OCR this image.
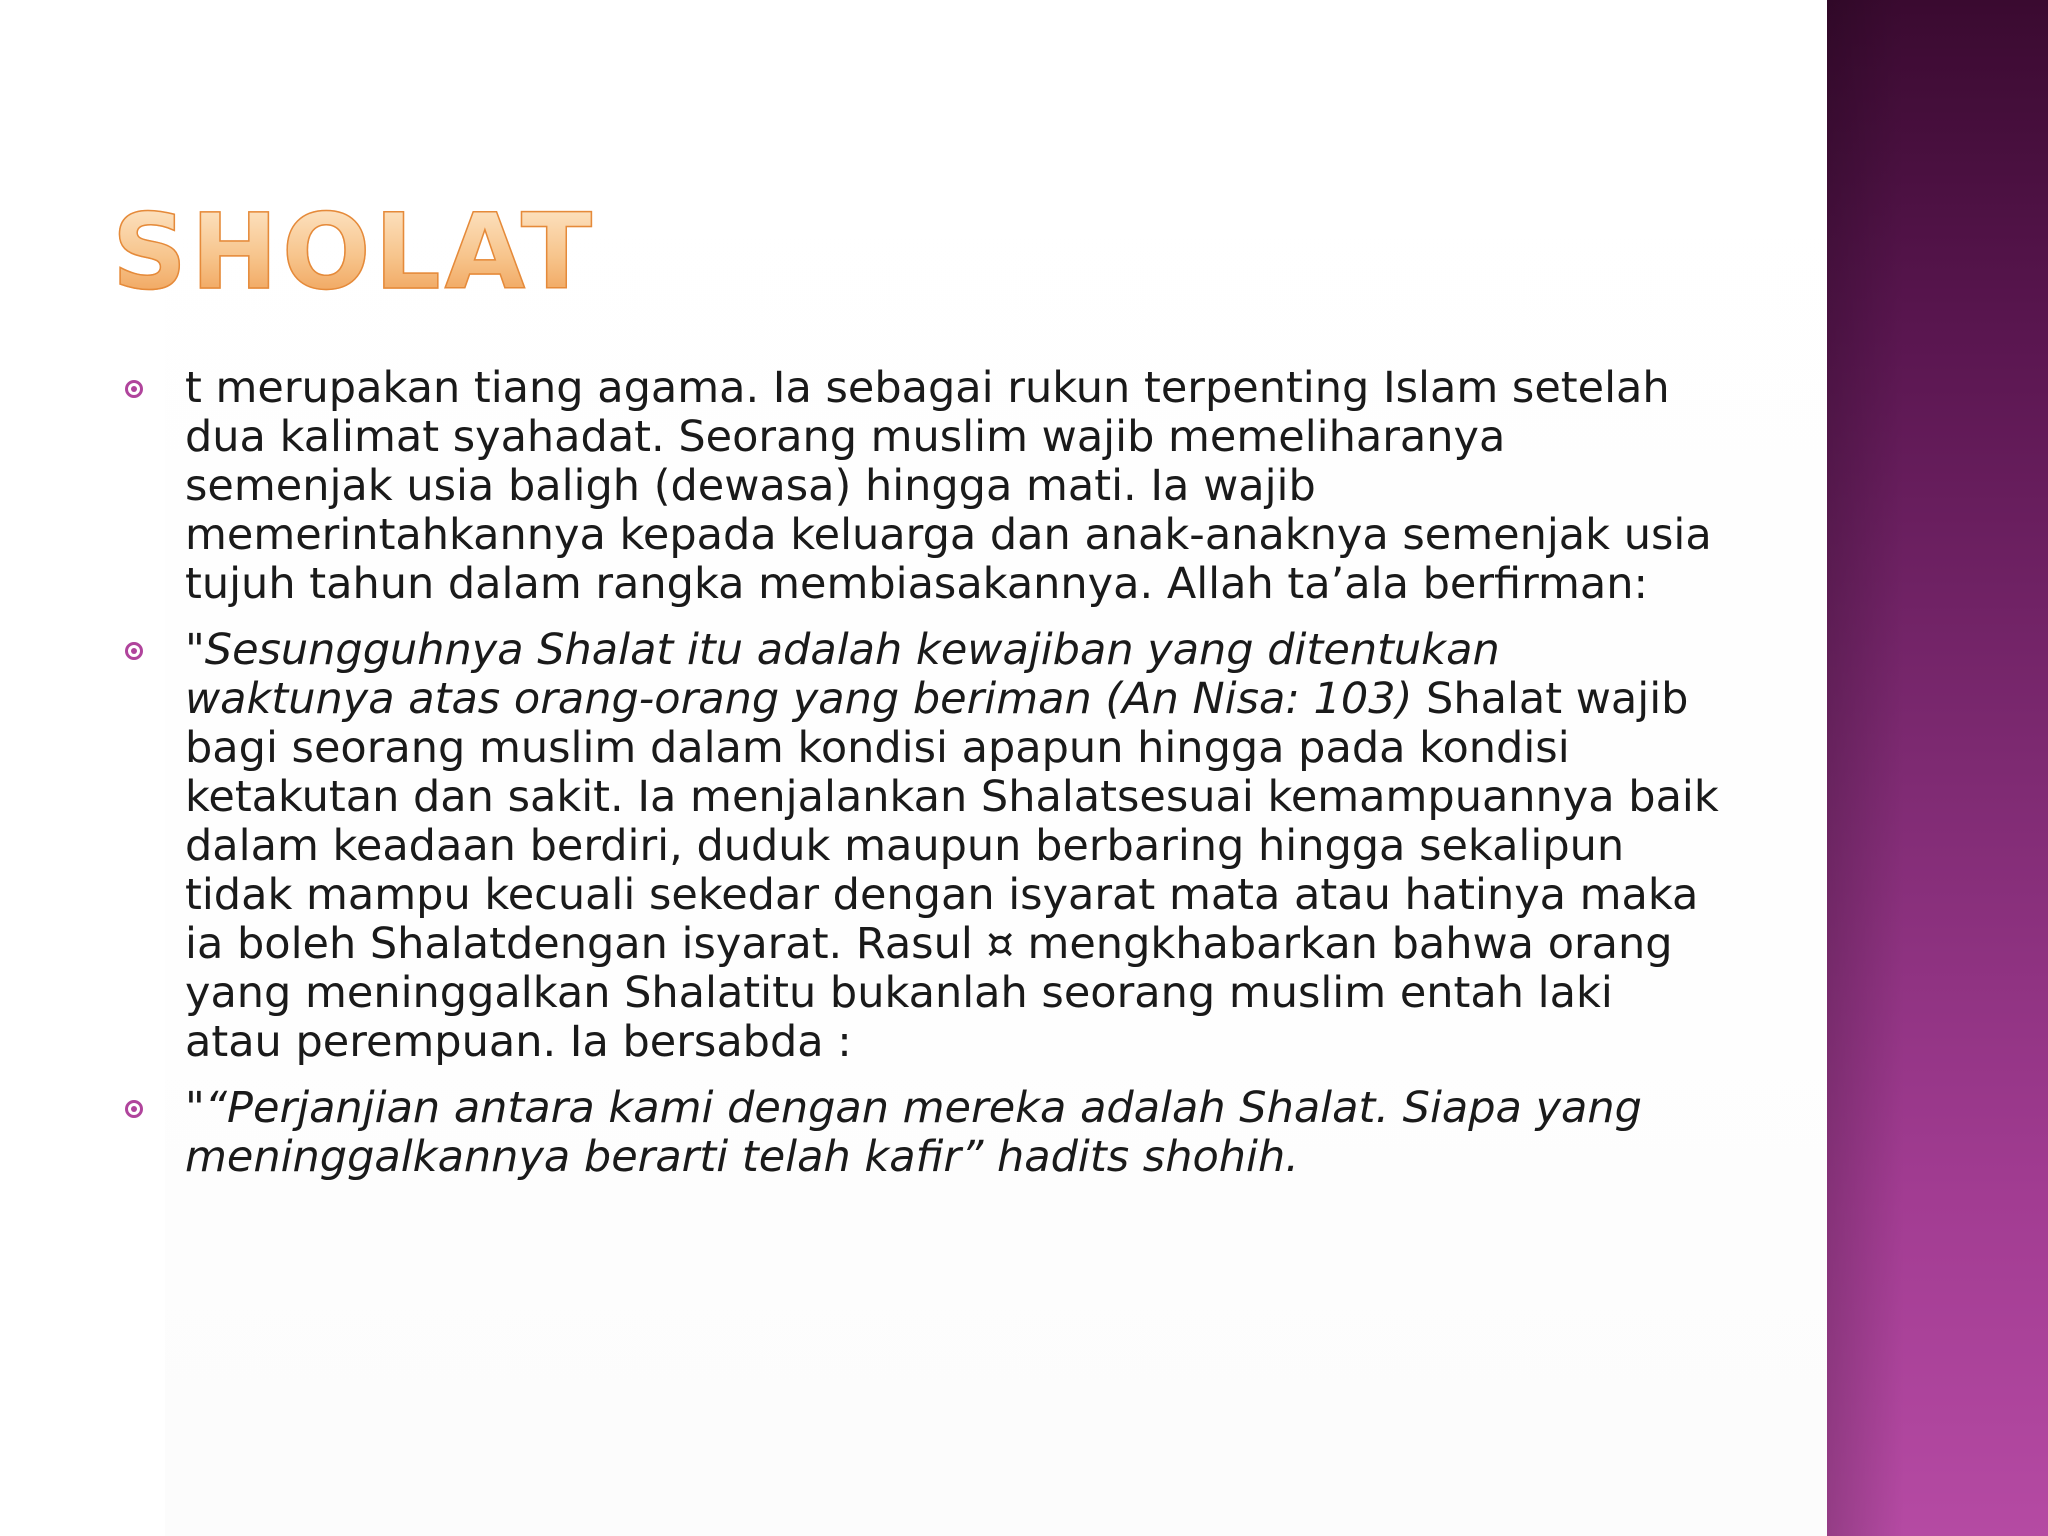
SHOLAT
t merupakan tiang agama. Ia sebagai rukun terpenting Islam setelah dua kalimat syahadat. Seorang muslim wajib memeliharanya semenjak usia baligh (dewasa) hingga mati. Ia wajib memerintahkannya kepada keluarga dan anak-anaknya semenjak usia tujuh tahun dalam rangka membiasakannya. Allah ta’ala berfirman:
"Sesungguhnya Shalat itu adalah kewajiban yang ditentukan waktunya atas orang-orang yang beriman (An Nisa: 103) Shalat wajib bagi seorang muslim dalam kondisi apapun hingga pada kondisi ketakutan dan sakit. Ia menjalankan Shalatsesuai kemampuannya baik dalam keadaan berdiri, duduk maupun berbaring hingga sekalipun tidak mampu kecuali sekedar dengan isyarat mata atau hatinya maka ia boleh Shalatdengan isyarat. Rasul ¤ mengkhabarkan bahwa orang yang meninggalkan Shalatitu bukanlah seorang muslim entah laki atau perempuan. Ia bersabda :
"“Perjanjian antara kami dengan mereka adalah Shalat. Siapa yang meninggalkannya berarti telah kafir” hadits shohih.
